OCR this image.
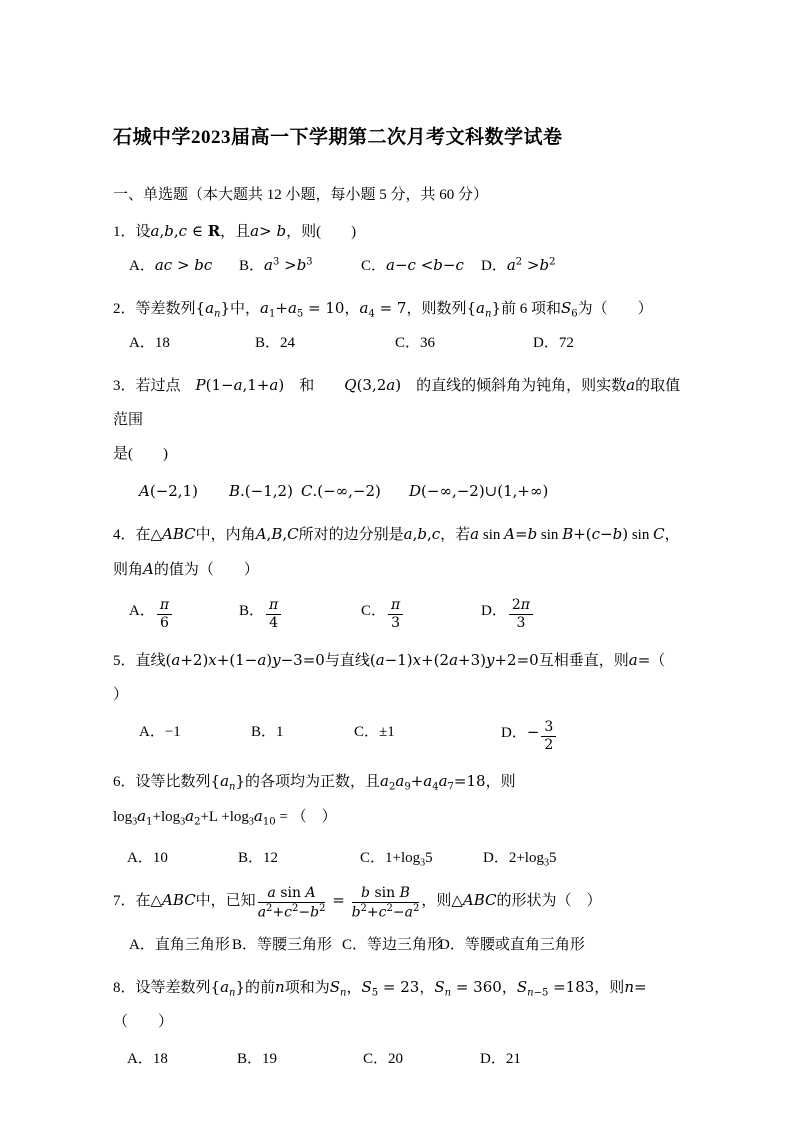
石城中学2023届高一下学期第二次月考文科数学试卷

一、单选题（本大题共 12 小题，每小题 5 分，共 60 分）

1．设a,b,c ∈ R，且a> b，则(　　)

A．ac > bc	B．$a^3 >b^3$	C．a−c <b−c	D．$a^2 >b^2$

2．等差数列$\{a_n\}$中，$a_1+a_5 = 10$，$a_4 = 7$，则数列$\{a_n\}$前 6 项和$S_6$为（　　）

A．18	B．24	C．36	D．72

3．若过点　P(1−a,1+a)　和　　Q(3,2a)　的直线的倾斜角为钝角，则实数a的取值范围

是(　　)

A(−2,1)	B.(−1,2) C.(−∞,−2)	D(−∞,−2)∪(1,+∞)

4．在△ABC中，内角A,B,C所对的边分别是a,b,c，若a sin A=b sin B+(c−b) sin C，

则角A的值为（　　）

A． $\frac{\pi}{6}$	B． $\frac{\pi}{4}$	C． $\frac{\pi}{3}$	D． $\frac{2\pi}{3}$

5．直线(a+2)x+(1−a)y−3=0与直线(a−1)x+(2a+3)y+2=0互相垂直，则a=（

）

A．−1	B．1	C．±1	D．− $\frac{3}{2}$

6．设等比数列$\{a_n\}$的各项均为正数，且$a_2a_9+a_4a_7=18$，则

$\log_3a_1+\log_3a_2+L +\log_3a_{10}$ = （　）

A．10	B．12	C．$1+\log_35$	D．$2+\log_35$

7．在△ABC中，已知 $\frac{\text{a sin A}}{a^2+c^2-b^2} = \frac{\text{b sin B}}{b^2+c^2-a^2}$ ，则△ABC的形状为（　）

A．直角三角形 B．等腰三角形 C．等边三角形
D．等腰或直角三角形

8．设等差数列$\{a_n\}$的前n项和为$S_n$，$S_5 = 23$，$S_n = 360$，$S_{n-5} =183$，则n=

（　　）

A．18	B．19	C．20	D．21
